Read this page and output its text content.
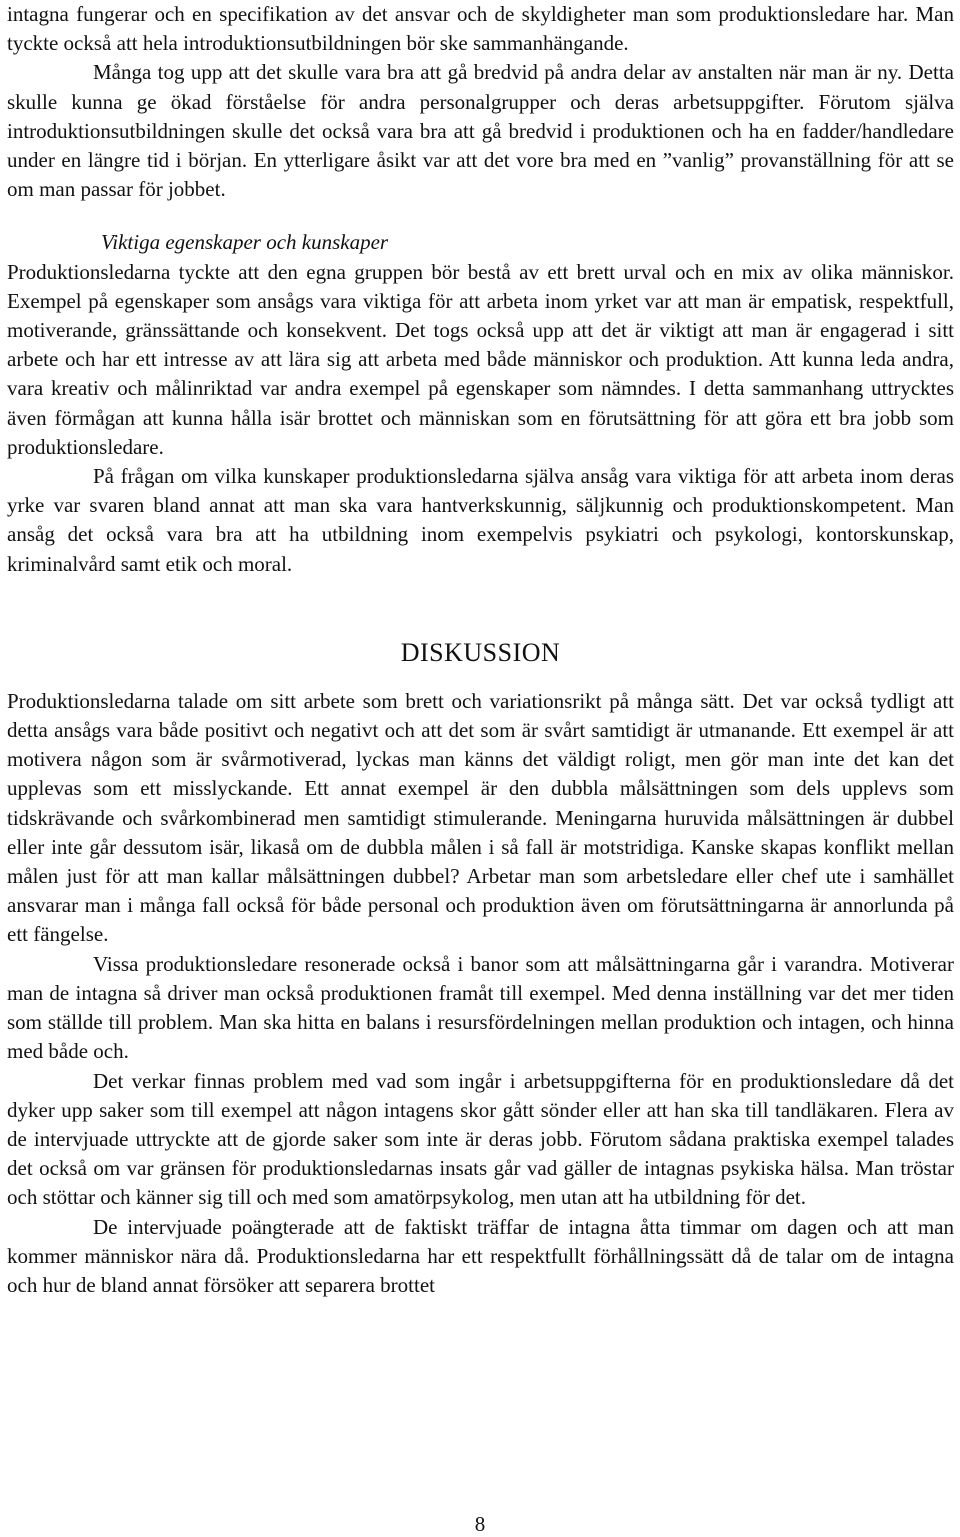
intagna fungerar och en specifikation av det ansvar och de skyldigheter man som produktionsledare har. Man tyckte också att hela introduktionsutbildningen bör ske sammanhängande.

Många tog upp att det skulle vara bra att gå bredvid på andra delar av anstalten när man är ny. Detta skulle kunna ge ökad förståelse för andra personalgrupper och deras arbetsuppgifter. Förutom själva introduktionsutbildningen skulle det också vara bra att gå bredvid i produktionen och ha en fadder/handledare under en längre tid i början. En ytterligare åsikt var att det vore bra med en ”vanlig” provanställning för att se om man passar för jobbet.

Viktiga egenskaper och kunskaper

Produktionsledarna tyckte att den egna gruppen bör bestå av ett brett urval och en mix av olika människor. Exempel på egenskaper som ansågs vara viktiga för att arbeta inom yrket var att man är empatisk, respektfull, motiverande, gränssättande och konsekvent. Det togs också upp att det är viktigt att man är engagerad i sitt arbete och har ett intresse av att lära sig att arbeta med både människor och produktion. Att kunna leda andra, vara kreativ och målinriktad var andra exempel på egenskaper som nämndes. I detta sammanhang uttrycktes även förmågan att kunna hålla isär brottet och människan som en förutsättning för att göra ett bra jobb som produktionsledare.

På frågan om vilka kunskaper produktionsledarna själva ansåg vara viktiga för att arbeta inom deras yrke var svaren bland annat att man ska vara hantverkskunnig, säljkunnig och produktionskompetent. Man ansåg det också vara bra att ha utbildning inom exempelvis psykiatri och psykologi, kontorskunskap, kriminalvård samt etik och moral.

DISKUSSION

Produktionsledarna talade om sitt arbete som brett och variationsrikt på många sätt. Det var också tydligt att detta ansågs vara både positivt och negativt och att det som är svårt samtidigt är utmanande. Ett exempel är att motivera någon som är svårmotiverad, lyckas man känns det väldigt roligt, men gör man inte det kan det upplevas som ett misslyckande. Ett annat exempel är den dubbla målsättningen som dels upplevs som tidskrävande och svårkombinerad men samtidigt stimulerande. Meningarna huruvida målsättningen är dubbel eller inte går dessutom isär, likaså om de dubbla målen i så fall är motstridiga. Kanske skapas konflikt mellan målen just för att man kallar målsättningen dubbel? Arbetar man som arbetsledare eller chef ute i samhället ansvarar man i många fall också för både personal och produktion även om förutsättningarna är annorlunda på ett fängelse.

Vissa produktionsledare resonerade också i banor som att målsättningarna går i varandra. Motiverar man de intagna så driver man också produktionen framåt till exempel. Med denna inställning var det mer tiden som ställde till problem. Man ska hitta en balans i resursfördelningen mellan produktion och intagen, och hinna med både och.

Det verkar finnas problem med vad som ingår i arbetsuppgifterna för en produktionsledare då det dyker upp saker som till exempel att någon intagens skor gått sönder eller att han ska till tandläkaren. Flera av de intervjuade uttryckte att de gjorde saker som inte är deras jobb. Förutom sådana praktiska exempel talades det också om var gränsen för produktionsledarnas insats går vad gäller de intagnas psykiska hälsa. Man tröstar och stöttar och känner sig till och med som amatörpsykolog, men utan att ha utbildning för det.

De intervjuade poängterade att de faktiskt träffar de intagna åtta timmar om dagen och att man kommer människor nära då. Produktionsledarna har ett respektfullt förhållningssätt då de talar om de intagna och hur de bland annat försöker att separera brottet

8
